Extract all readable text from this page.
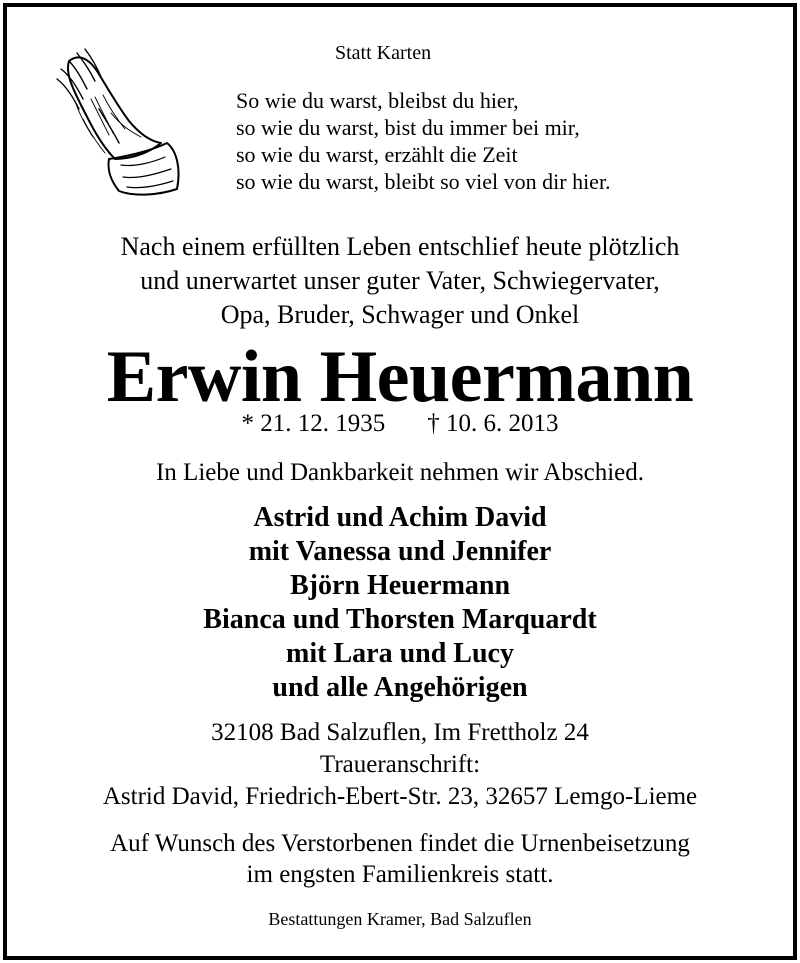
Statt Karten
So wie du warst, bleibst du hier,
so wie du warst, bist du immer bei mir,
so wie du warst, erzählt die Zeit
so wie du warst, bleibt so viel von dir hier.
Nach einem erfüllten Leben entschlief heute plötzlich
und unerwartet unser guter Vater, Schwiegervater,
Opa, Bruder, Schwager und Onkel
Erwin Heuermann
* 21. 12. 1935 † 10. 6. 2013
In Liebe und Dankbarkeit nehmen wir Abschied.
Astrid und Achim David
mit Vanessa und Jennifer
Björn Heuermann
Bianca und Thorsten Marquardt
mit Lara und Lucy
und alle Angehörigen
32108 Bad Salzuflen, Im Frettholz 24
Traueranschrift:
Astrid David, Friedrich-Ebert-Str. 23, 32657 Lemgo-Lieme
Auf Wunsch des Verstorbenen findet die Urnenbeisetzung
im engsten Familienkreis statt.
Bestattungen Kramer, Bad Salzuflen
